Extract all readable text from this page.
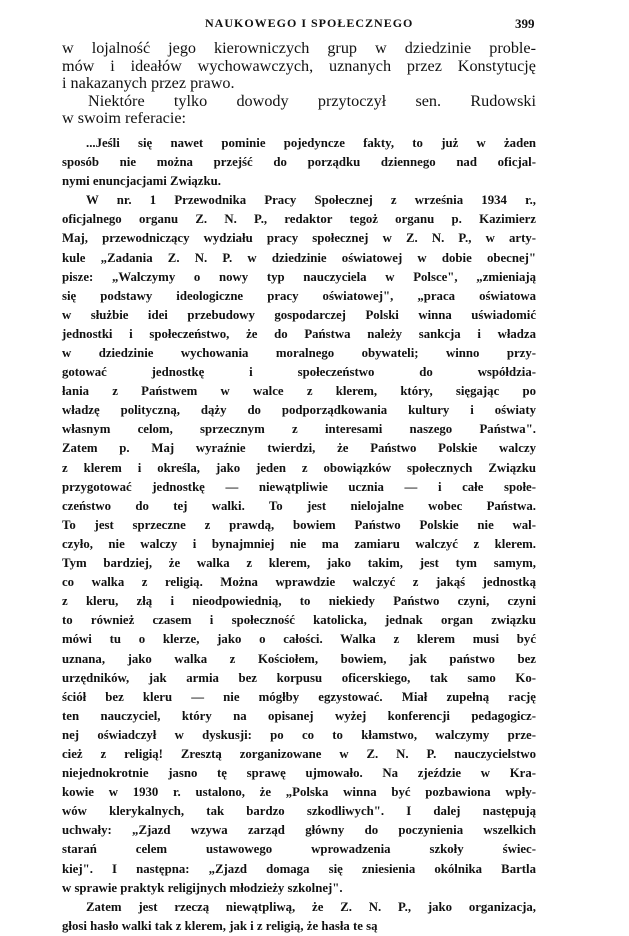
NAUKOWEGO I SPOŁECZNEGO	399

w lojalność jego kierowniczych grup w dziedzinie proble-
mów i ideałów wychowawczych, uznanych przez Konstytucję
i nakazanych przez prawo.

Niektóre tylko dowody przytoczył sen. Rudowski
w swoim referacie:

...Jeśli się nawet pominie pojedyncze fakty, to już w żaden
sposób nie można przejść do porządku dziennego nad oficjal-
nymi enuncjacjami Związku.

W nr. 1 Przewodnika Pracy Społecznej z września 1934 r.,
oficjalnego organu Z. N. P., redaktor tegoż organu p. Kazimierz
Maj, przewodniczący wydziału pracy społecznej w Z. N. P., w arty-
kule „Zadania Z. N. P. w dziedzinie oświatowej w dobie obecnej"
pisze: „Walczymy o nowy typ nauczyciela w Polsce", „zmieniają
się podstawy ideologiczne pracy oświatowej", „praca oświatowa
w służbie idei przebudowy gospodarczej Polski winna uświadomić
jednostki i społeczeństwo, że do Państwa należy sankcja i władza
w dziedzinie wychowania moralnego obywateli; winno przy-
gotować jednostkę i społeczeństwo do współdzia-
łania z Państwem w walce z klerem, który, sięgając po
władzę polityczną, dąży do podporządkowania kultury i oświaty
własnym celom, sprzecznym z interesami naszego Państwa".
Zatem p. Maj wyraźnie twierdzi, że Państwo Polskie walczy
z klerem i określa, jako jeden z obowiązków społecznych Związku
przygotować jednostkę — niewątpliwie ucznia — i całe społe-
czeństwo do tej walki. To jest nielojalne wobec Państwa.
To jest sprzeczne z prawdą, bowiem Państwo Polskie nie wal-
czyło, nie walczy i bynajmniej nie ma zamiaru walczyć z klerem.
Tym bardziej, że walka z klerem, jako takim, jest tym samym,
co walka z religią. Można wprawdzie walczyć z jakąś jednostką
z kleru, złą i nieodpowiednią, to niekiedy Państwo czyni, czyni
to również czasem i społeczność katolicka, jednak organ związku
mówi tu o klerze, jako o całości. Walka z klerem musi być
uznana, jako walka z Kościołem, bowiem, jak państwo bez
urzędników, jak armia bez korpusu oficerskiego, tak samo Ko-
ściół bez kleru — nie mógłby egzystować. Miał zupełną rację
ten nauczyciel, który na opisanej wyżej konferencji pedagogicz-
nej oświadczył w dyskusji: po co to kłamstwo, walczymy prze-
cież z religią! Zresztą zorganizowane w Z. N. P. nauczycielstwo
niejednokrotnie jasno tę sprawę ujmowało. Na zjeździe w Kra-
kowie w 1930 r. ustalono, że „Polska winna być pozbawiona wpły-
wów klerykalnych, tak bardzo szkodliwych". I dalej następują
uchwały: „Zjazd wzywa zarząd główny do poczynienia wszelkich
starań celem ustawowego wprowadzenia szkoły świec-
kiej". I następna: „Zjazd domaga się zniesienia okólnika Bartla
w sprawie praktyk religijnych młodzieży szkolnej".

Zatem jest rzeczą niewątpliwą, że Z. N. P., jako organizacja,
głosi hasło walki tak z klerem, jak i z religią, że hasła te są
